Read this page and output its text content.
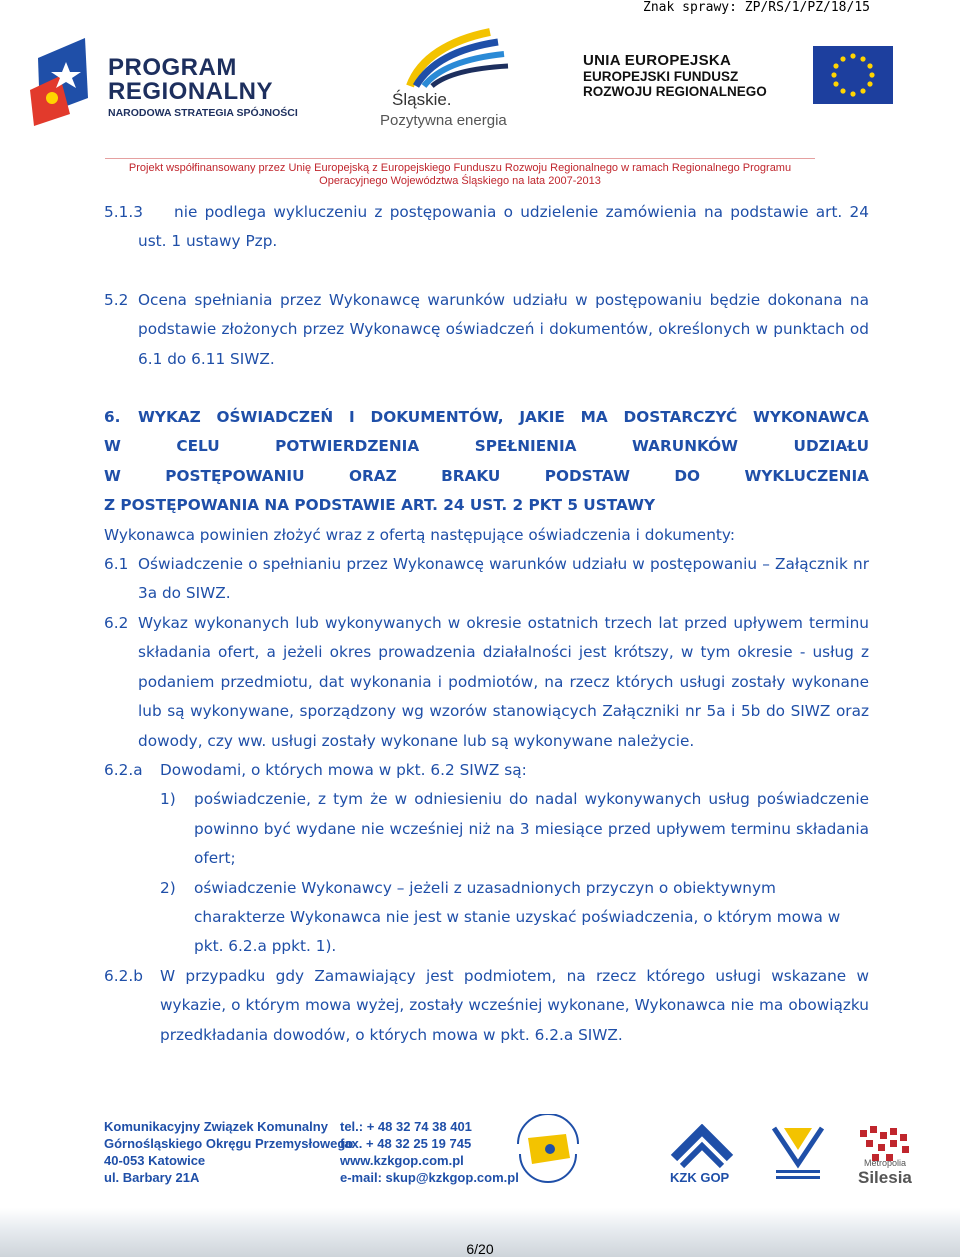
Znak sprawy: ZP/RS/1/PZ/18/15
PROGRAM
REGIONALNY
NARODOWA STRATEGIA SPÓJNOŚCI
Śląskie.
Pozytywna energia
UNIA EUROPEJSKA
EUROPEJSKI FUNDUSZ
ROZWOJU REGIONALNEGO
Projekt współfinansowany przez Unię Europejską z Europejskiego Funduszu Rozwoju Regionalnego w ramach Regionalnego Programu
Operacyjnego Województwa Śląskiego na lata 2007-2013
5.1.3	nie podlega wykluczeniu z postępowania o udzielenie zamówienia na podstawie art. 24 ust. 1 ustawy Pzp.
5.2 Ocena spełniania przez Wykonawcę warunków udziału w postępowaniu będzie dokonana na podstawie złożonych przez Wykonawcę oświadczeń i dokumentów, określonych w punktach od 6.1 do 6.11 SIWZ.
6. WYKAZ OŚWIADCZEŃ I DOKUMENTÓW, JAKIE MA DOSTARCZYĆ WYKONAWCA
W CELU POTWIERDZENIA SPEŁNIENIA WARUNKÓW UDZIAŁU
W POSTĘPOWANIU ORAZ BRAKU PODSTAW DO WYKLUCZENIA
Z POSTĘPOWANIA NA PODSTAWIE ART. 24 UST. 2 PKT 5 USTAWY
Wykonawca powinien złożyć wraz z ofertą następujące oświadczenia i dokumenty:
6.1 Oświadczenie o spełnianiu przez Wykonawcę warunków udziału w postępowaniu – Załącznik nr 3a do SIWZ.
6.2 Wykaz wykonanych lub wykonywanych w okresie ostatnich trzech lat przed upływem terminu składania ofert, a jeżeli okres prowadzenia działalności jest krótszy, w tym okresie - usług z podaniem przedmiotu, dat wykonania i podmiotów, na rzecz których usługi zostały wykonane lub są wykonywane, sporządzony wg wzorów stanowiących Załączniki nr 5a i 5b do SIWZ oraz dowody, czy ww. usługi zostały wykonane lub są wykonywane należycie.
6.2.a Dowodami, o których mowa w pkt. 6.2 SIWZ są:
1) poświadczenie, z tym że w odniesieniu do nadal wykonywanych usług poświadczenie powinno być wydane nie wcześniej niż na 3 miesiące przed upływem terminu składania ofert;
2) oświadczenie Wykonawcy – jeżeli z uzasadnionych przyczyn o obiektywnym charakterze Wykonawca nie jest w stanie uzyskać poświadczenia, o którym mowa w pkt. 6.2.a ppkt. 1).
6.2.b W przypadku gdy Zamawiający jest podmiotem, na rzecz którego usługi wskazane w wykazie, o którym mowa wyżej, zostały wcześniej wykonane, Wykonawca nie ma obowiązku przedkładania dowodów, o których mowa w pkt. 6.2.a SIWZ.
Komunikacyjny Związek Komunalny
Górnośląskiego Okręgu Przemysłowego
40-053 Katowice
ul. Barbary 21A
tel.: + 48 32 74 38 401
fax. + 48 32 25 19 745
www.kzkgop.com.pl
e-mail: skup@kzkgop.com.pl	KZK GOP
Metropolia
Silesia
6/20
